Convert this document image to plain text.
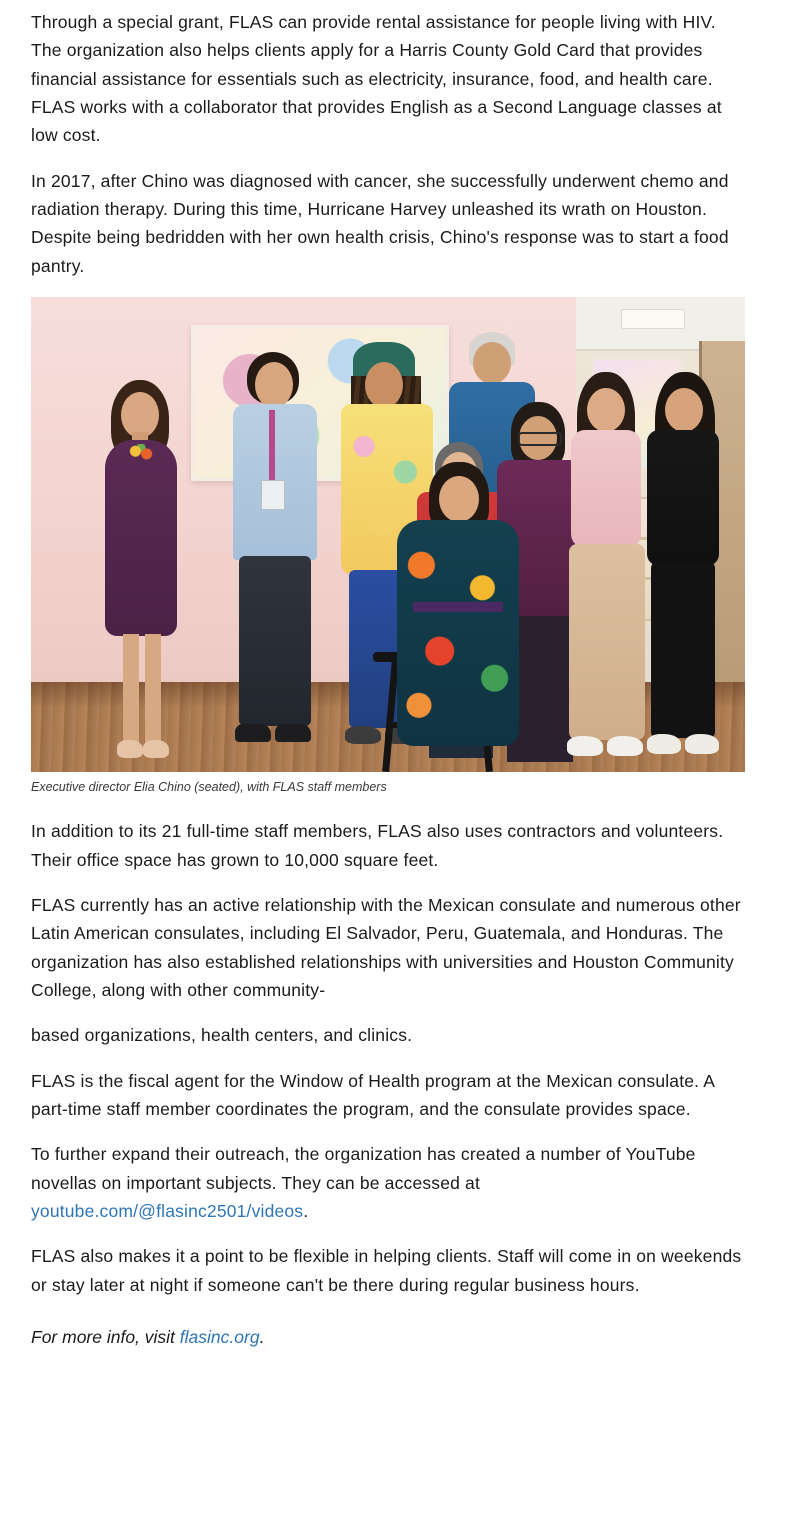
Through a special grant, FLAS can provide rental assistance for people living with HIV. The organization also helps clients apply for a Harris County Gold Card that provides financial assistance for essentials such as electricity, insurance, food, and health care. FLAS works with a collaborator that provides English as a Second Language classes at low cost.

In 2017, after Chino was diagnosed with cancer, she successfully underwent chemo and radiation therapy. During this time, Hurricane Harvey unleashed its wrath on Houston. Despite being bedridden with her own health crisis, Chino's response was to start a food pantry.

Executive director Elia Chino (seated), with FLAS staff members

In addition to its 21 full-time staff members, FLAS also uses contractors and volunteers. Their office space has grown to 10,000 square feet.

FLAS currently has an active relationship with the Mexican consulate and numerous other Latin American consulates, including El Salvador, Peru, Guatemala, and Honduras. The organization has also established relationships with universities and Houston Community College, along with other community-

based organizations, health centers, and clinics.

FLAS is the fiscal agent for the Window of Health program at the Mexican consulate. A part-time staff member coordinates the program, and the consulate provides space.

To further expand their outreach, the organization has created a number of YouTube novellas on important subjects. They can be accessed at youtube.com/@flasinc2501/videos.

FLAS also makes it a point to be flexible in helping clients. Staff will come in on weekends or stay later at night if someone can't be there during regular business hours.

For more info, visit flasinc.org.
